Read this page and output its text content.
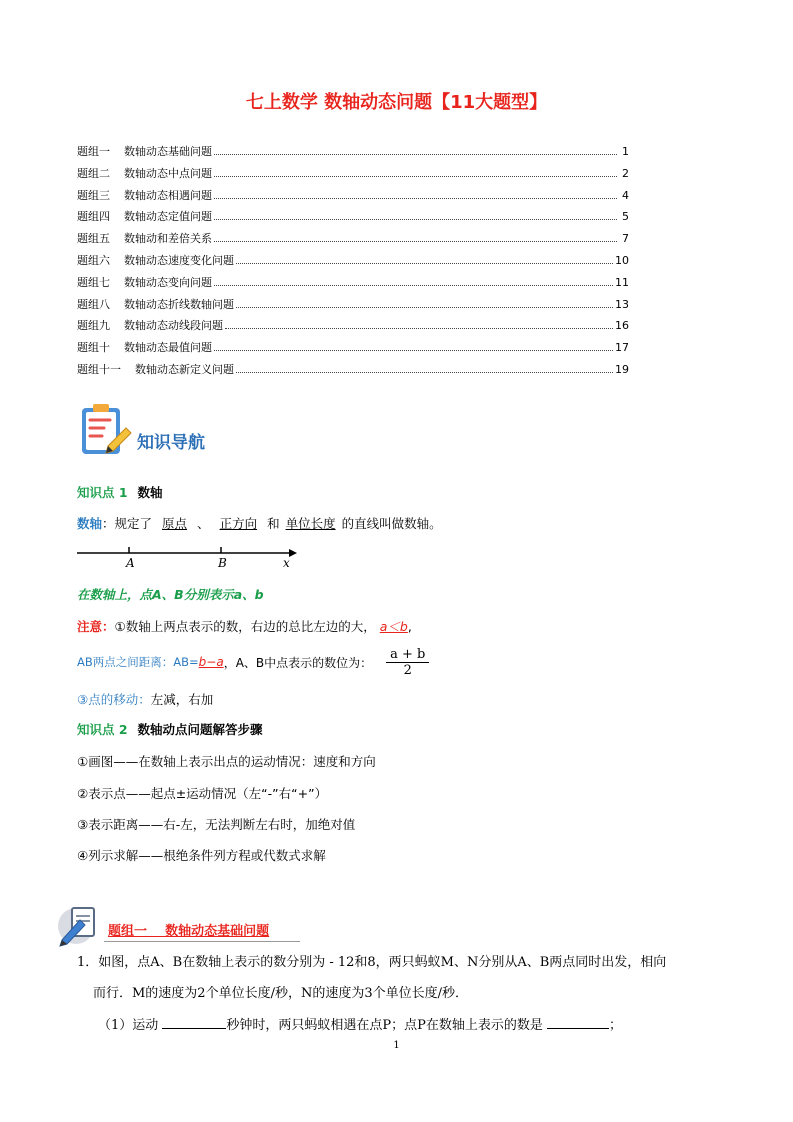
七上数学 数轴动态问题【11大题型】
题组一    数轴动态基础问题	1
题组二    数轴动态中点问题	2
题组三    数轴动态相遇问题	4
题组四    数轴动态定值问题	5
题组五    数轴动和差倍关系	7
题组六    数轴动态速度变化问题	10
题组七    数轴动态变向问题	11
题组八    数轴动态折线数轴问题	13
题组九    数轴动态动线段问题	16
题组十    数轴动态最值问题	17
题组十一    数轴动态新定义问题	19
知识导航
知识点 1 数轴
数轴：规定了 原点 、 正方向 和 单位长度 的直线叫做数轴。
A	B	x
在数轴上，点A、B分别表示a、b
注意：①数轴上两点表示的数，右边的总比左边的大， a＜b,
AB两点之间距离：AB= b−a ，A、B中点表示的数位为： $\frac{a + b}{2}$
③点的移动：左减，右加
知识点 2 数轴动点问题解答步骤
①画图——在数轴上表示出点的运动情况：速度和方向
②表示点——起点±运动情况（左“-”右“+”）
③表示距离——右-左，无法判断左右时，加绝对值
④列示求解——根绝条件列方程或代数式求解
题组一    数轴动态基础问题
1．如图，点A、B在数轴上表示的数分别为 - 12和8，两只蚂蚁M、N分别从A、B两点同时出发，相向
而行．M的速度为2个单位长度/秒，N的速度为3个单位长度/秒．
（1）运动	秒钟时，两只蚂蚁相遇在点P；点P在数轴上表示的数是	；
1
